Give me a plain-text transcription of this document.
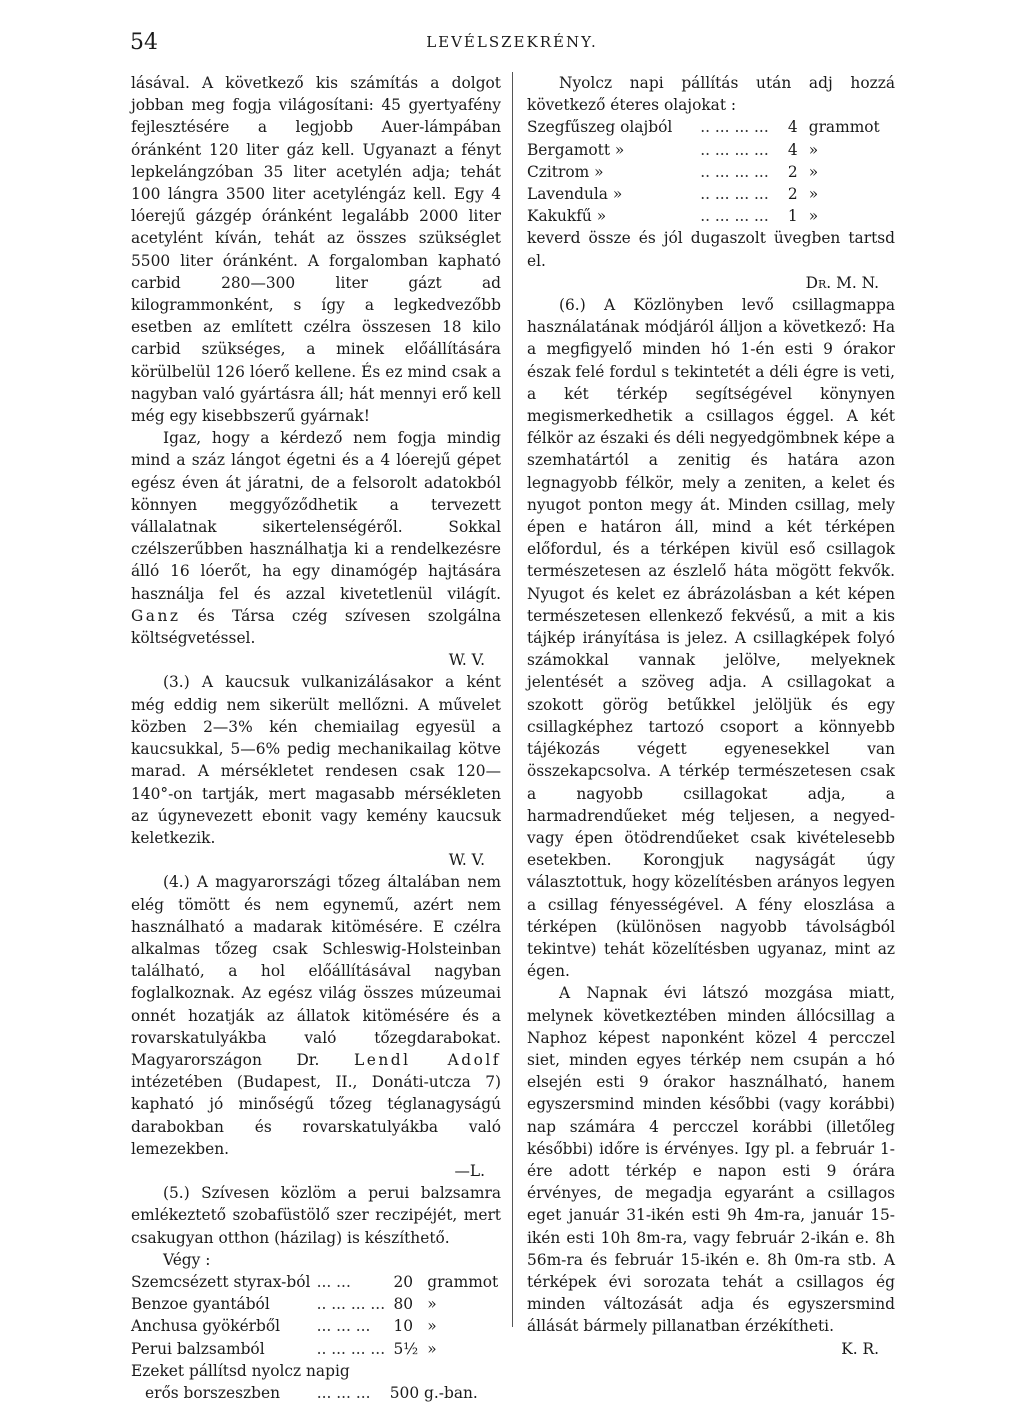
54	LEVÉLSZEKRÉNY.

lásával. A következő kis számítás a dolgot jobban meg fogja világosítani: 45 gyertyafény fejlesztésére a legjobb Auer-lámpában óránként 120 liter gáz kell. Ugyanazt a fényt lepkelángzóban 35 liter acetylén adja; tehát 100 lángra 3500 liter acetyléngáz kell. Egy 4 lóerejű gázgép óránként legalább 2000 liter acetylént kíván, tehát az összes szükséglet 5500 liter óránként. A forgalomban kapható carbid 280—300 liter gázt ad kilogrammonként, s így a legkedvezőbb esetben az említett czélra összesen 18 kilo carbid szükséges, a minek előállítására körülbelül 126 lóerő kellene. És ez mind csak a nagyban való gyártásra áll; hát mennyi erő kell még egy kisebbszerű gyárnak!

Igaz, hogy a kérdező nem fogja mindig mind a száz lángot égetni és a 4 lóerejű gépet egész éven át járatni, de a felsorolt adatokból könnyen meggyőződhetik a tervezett vállalatnak sikertelenségéről. Sokkal czélszerűbben használhatja ki a rendelkezésre álló 16 lóerőt, ha egy dinamógép hajtására használja fel és azzal kivetetlenül világít. Ganz és Társa czég szívesen szolgálna költségvetéssel.

W. V.

(3.) A kaucsuk vulkanizálásakor a ként még eddig nem sikerült mellőzni. A művelet közben 2—3% kén chemiailag egyesül a kaucsukkal, 5—6% pedig mechanikailag kötve marad. A mérsékletet rendesen csak 120—140°-on tartják, mert magasabb mérsékleten az úgynevezett ebonit vagy kemény kaucsuk keletkezik.

W. V.

(4.) A magyarországi tőzeg általában nem elég tömött és nem egynemű, azért nem használható a madarak kitömésére. E czélra alkalmas tőzeg csak Schleswig-Holsteinban található, a hol előállításával nagyban foglalkoznak. Az egész világ összes múzeumai onnét hozatják az állatok kitömésére és a rovarskatulyákba való tőzegdarabokat. Magyarországon Dr. Lendl Adolf intézetében (Budapest, II., Donáti-utcza 7) kapható jó minőségű tőzeg téglanagyságú darabokban és rovarskatulyákba való lemezekben.

—L.

(5.) Szívesen közlöm a perui balzsamra emlékeztető szobafüstölő szer reczipéjét, mert csakugyan otthon (házilag) is készíthető.

Végy :

Szemcsézett styrax-ból	... ...	20	grammot
Benzoe gyantából	.. ... ... ...	80	»
Anchusa gyökérből	... ... ...	10	»
Perui balzsamból	.. ... ... ...	5½	»

Ezeket pállítsd nyolcz napig

erős borszeszben	... ... ...	500 g.-ban.

Nyolcz napi pállítás után adj hozzá következő éteres olajokat :

Szegfűszeg olajból	.. ... ... ...	4	grammot
Bergamott »	.. ... ... ...	4	»
Czitrom »	.. ... ... ...	2	»
Lavendula »	.. ... ... ...	2	»
Kakukfű »	.. ... ... ...	1	»

keverd össze és jól dugaszolt üvegben tartsd el.

Dr. M. N.

(6.) A Közlönyben levő csillagmappa használatának módjáról álljon a következő: Ha a megfigyelő minden hó 1-én esti 9 órakor észak felé fordul s tekintetét a déli égre is veti, a két térkép segítségével könynyen megismerkedhetik a csillagos éggel. A két félkör az északi és déli negyedgömbnek képe a szemhatártól a zenitig és határa azon legnagyobb félkör, mely a zeniten, a kelet és nyugot ponton megy át. Minden csillag, mely épen e határon áll, mind a két térképen előfordul, és a térképen kivül eső csillagok természetesen az észlelő háta mögött fekvők. Nyugot és kelet ez ábrázolásban a két képen természetesen ellenkező fekvésű, a mit a kis tájkép irányítása is jelez. A csillagképek folyó számokkal vannak jelölve, melyeknek jelentését a szöveg adja. A csillagokat a szokott görög betűkkel jelöljük és egy csillagképhez tartozó csoport a könnyebb tájékozás végett egyenesekkel van összekapcsolva. A térkép természetesen csak a nagyobb csillagokat adja, a harmadrendűeket még teljesen, a negyed- vagy épen ötödrendűeket csak kivételesebb esetekben. Korongjuk nagyságát úgy választottuk, hogy közelítésben arányos legyen a csillag fényességével. A fény eloszlása a térképen (különösen nagyobb távolságból tekintve) tehát közelítésben ugyanaz, mint az égen.

A Napnak évi látszó mozgása miatt, melynek következtében minden állócsillag a Naphoz képest naponként közel 4 percczel siet, minden egyes térkép nem csupán a hó elsején esti 9 órakor használható, hanem egyszersmind minden későbbi (vagy korábbi) nap számára 4 percczel korábbi (illetőleg későbbi) időre is érvényes. Igy pl. a február 1-ére adott térkép e napon esti 9 órára érvényes, de megadja egyaránt a csillagos eget január 31-ikén esti 9h 4m-ra, január 15-ikén esti 10h 8m-ra, vagy február 2-ikán e. 8h 56m-ra és február 15-ikén e. 8h 0m-ra stb. A térképek évi sorozata tehát a csillagos ég minden változását adja és egyszersmind állását bármely pillanatban érzékítheti.

K. R.
